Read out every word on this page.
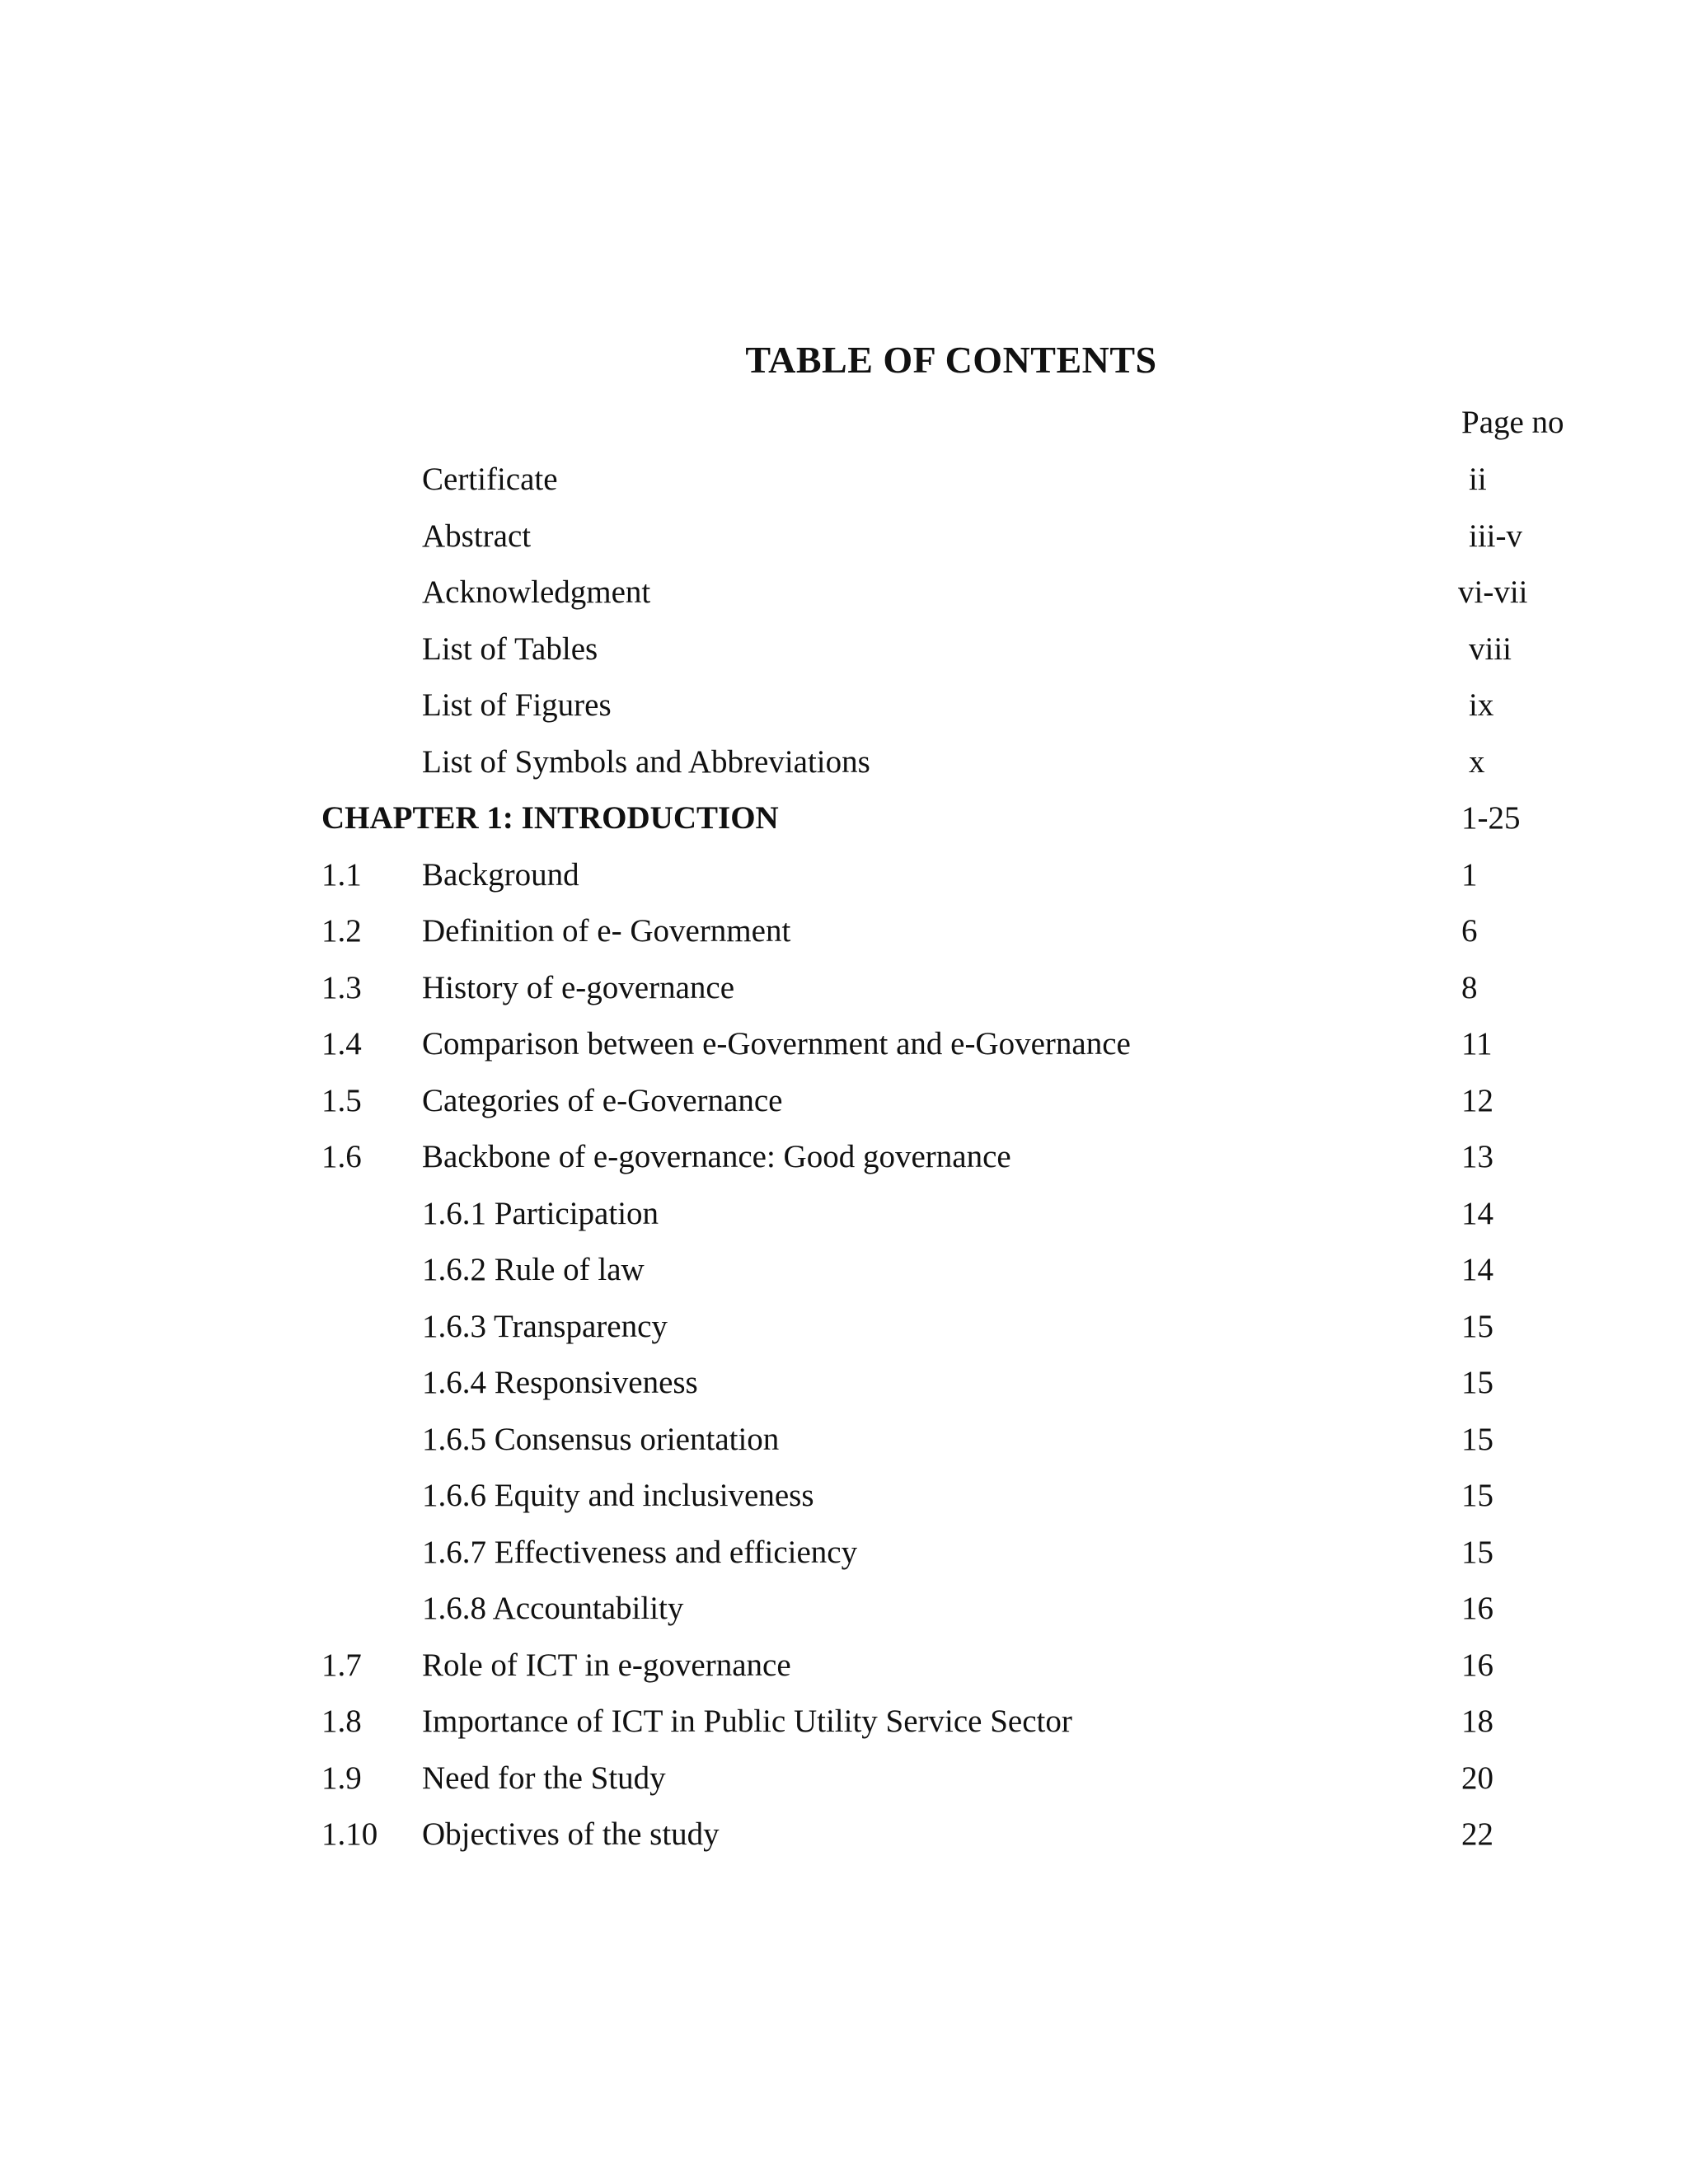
TABLE OF CONTENTS
Page no
Certificate	ii
Abstract	iii-v
Acknowledgment	vi-vii
List of Tables	viii
List of Figures	ix
List of Symbols and Abbreviations	x
CHAPTER 1: INTRODUCTION	1-25
1.1 Background	1
1.2 Definition of e- Government	6
1.3 History of e-governance	8
1.4 Comparison between e-Government and e-Governance	11
1.5 Categories of e-Governance	12
1.6 Backbone of e-governance: Good governance	13
1.6.1 Participation	14
1.6.2 Rule of law	14
1.6.3 Transparency	15
1.6.4 Responsiveness	15
1.6.5 Consensus orientation	15
1.6.6 Equity and inclusiveness	15
1.6.7 Effectiveness and efficiency	15
1.6.8 Accountability	16
1.7 Role of ICT in e-governance	16
1.8 Importance of ICT in Public Utility Service Sector	18
1.9 Need for the Study	20
1.10 Objectives of the study	22
